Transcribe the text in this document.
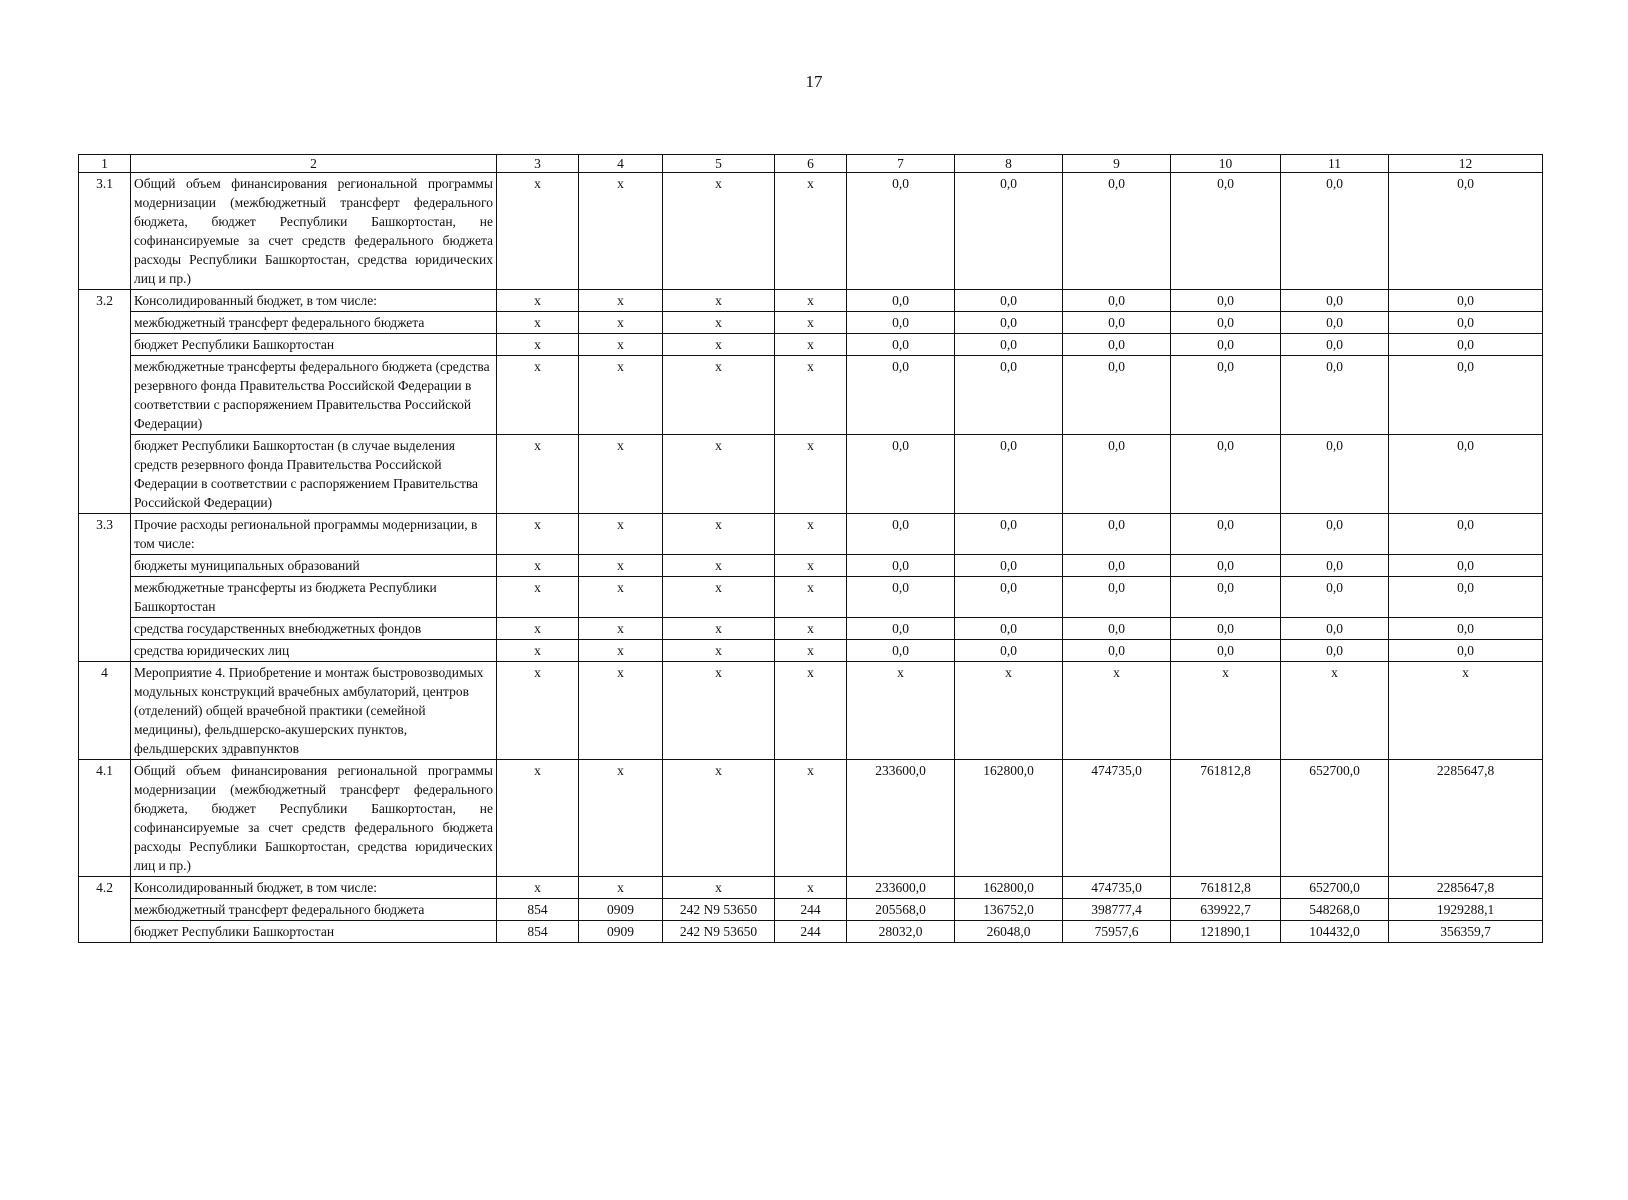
17
1	2	3	4	5	6	7	8	9	10	11	12
3.1	Общий объем финансирования региональной программы модернизации (межбюджетный трансферт федерального бюджета, бюджет Республики Башкортостан, не софинансируемые за счет средств федерального бюджета расходы Республики Башкортостан, средства юридических лиц и пр.)	x	x	x	x	0,0	0,0	0,0	0,0	0,0	0,0
3.2	Консолидированный бюджет, в том числе:	x	x	x	x	0,0	0,0	0,0	0,0	0,0	0,0
	межбюджетный трансферт федерального бюджета	x	x	x	x	0,0	0,0	0,0	0,0	0,0	0,0
	бюджет Республики Башкортостан	x	x	x	x	0,0	0,0	0,0	0,0	0,0	0,0
	межбюджетные трансферты федерального бюджета (средства резервного фонда Правительства Российской Федерации в соответствии с распоряжением Правительства Российской Федерации)	x	x	x	x	0,0	0,0	0,0	0,0	0,0	0,0
	бюджет Республики Башкортостан (в случае выделения средств резервного фонда Правительства Российской Федерации в соответствии с распоряжением Правительства Российской Федерации)	x	x	x	x	0,0	0,0	0,0	0,0	0,0	0,0
3.3	Прочие расходы региональной программы модернизации, в том числе:	x	x	x	x	0,0	0,0	0,0	0,0	0,0	0,0
	бюджеты муниципальных образований	x	x	x	x	0,0	0,0	0,0	0,0	0,0	0,0
	межбюджетные трансферты из бюджета Республики Башкортостан	x	x	x	x	0,0	0,0	0,0	0,0	0,0	0,0
	средства государственных внебюджетных фондов	x	x	x	x	0,0	0,0	0,0	0,0	0,0	0,0
	средства юридических лиц	x	x	x	x	0,0	0,0	0,0	0,0	0,0	0,0
4	Мероприятие 4. Приобретение и монтаж быстровозводимых модульных конструкций врачебных амбулаторий, центров (отделений) общей врачебной практики (семейной медицины), фельдшерско-акушерских пунктов, фельдшерских здравпунктов	x	x	x	x	x	x	x	x	x	x
4.1	Общий объем финансирования региональной программы модернизации (межбюджетный трансферт федерального бюджета, бюджет Республики Башкортостан, не софинансируемые за счет средств федерального бюджета расходы Республики Башкортостан, средства юридических лиц и пр.)	x	x	x	x	233600,0	162800,0	474735,0	761812,8	652700,0	2285647,8
4.2	Консолидированный бюджет, в том числе:	x	x	x	x	233600,0	162800,0	474735,0	761812,8	652700,0	2285647,8
	межбюджетный трансферт федерального бюджета	854	0909	242 N9 53650	244	205568,0	136752,0	398777,4	639922,7	548268,0	1929288,1
	бюджет Республики Башкортостан	854	0909	242 N9 53650	244	28032,0	26048,0	75957,6	121890,1	104432,0	356359,7
